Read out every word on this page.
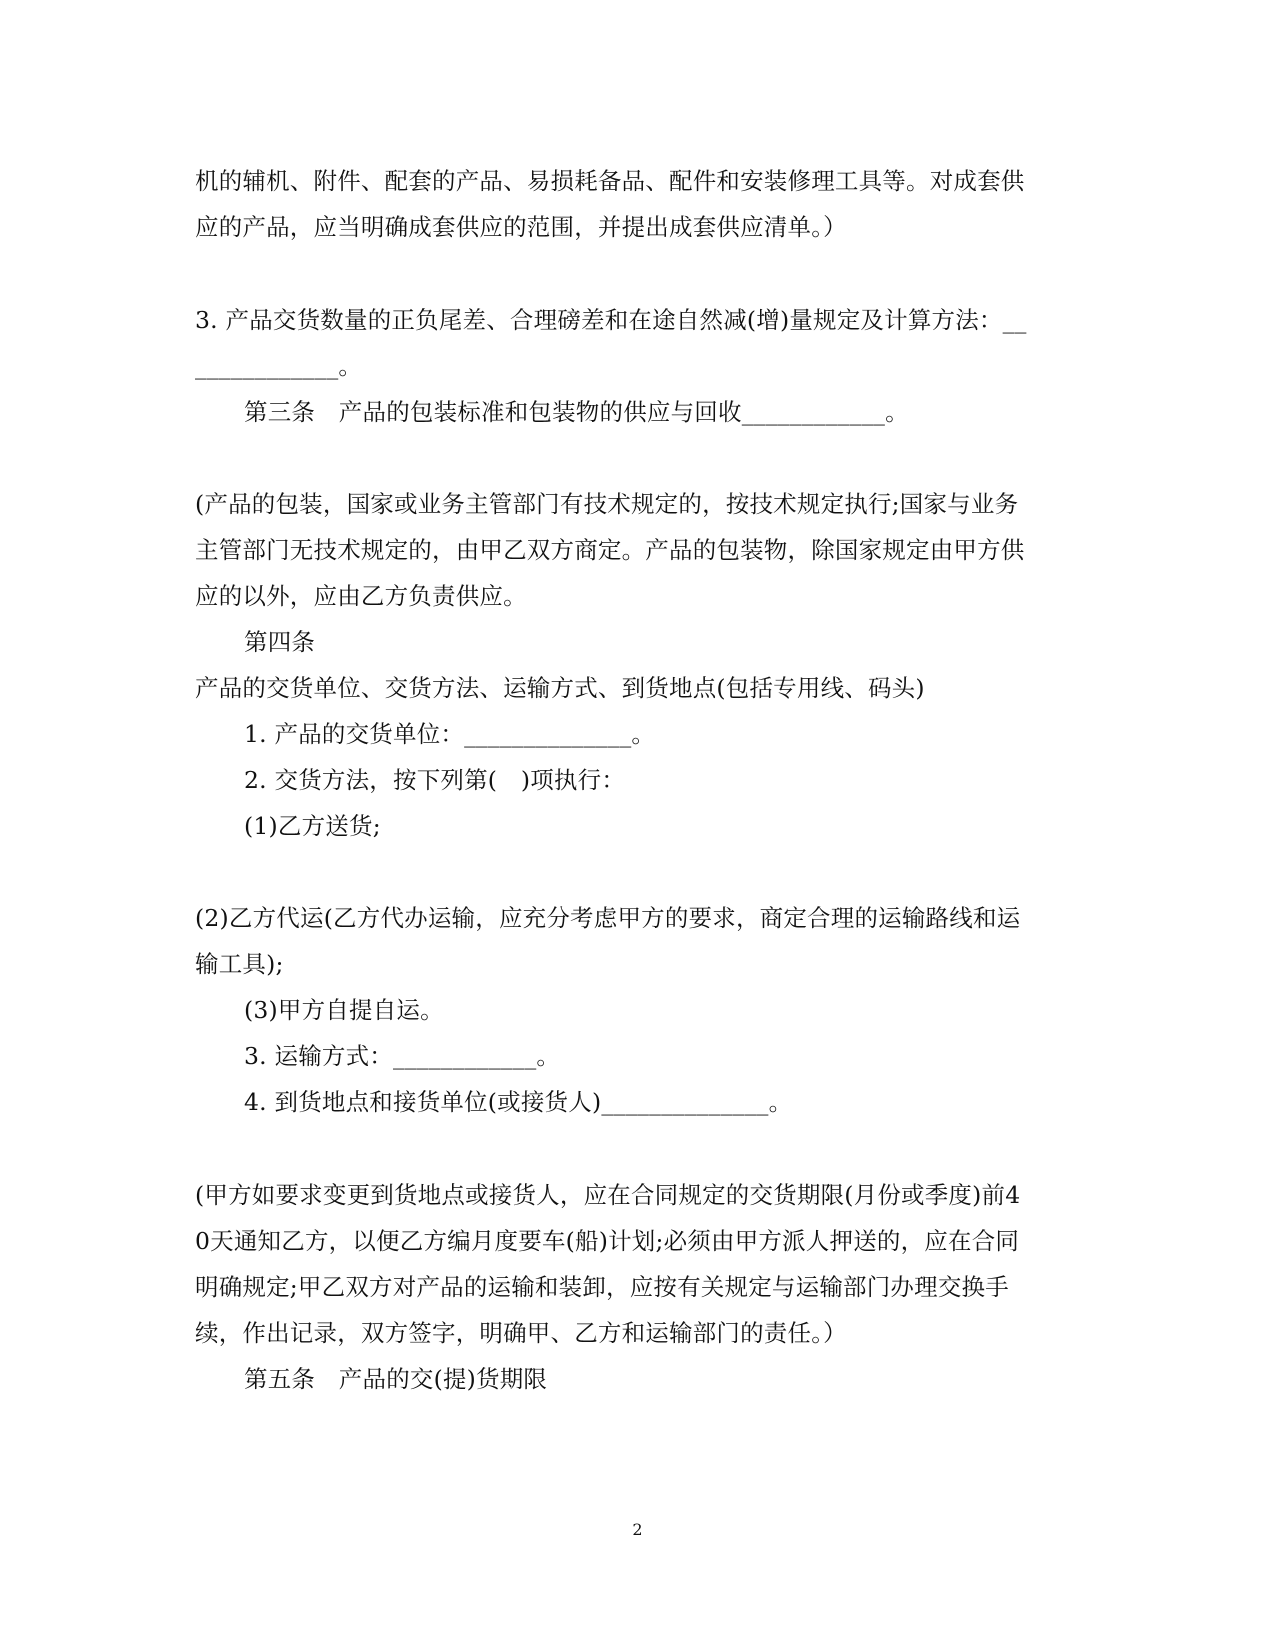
机的辅机、附件、配套的产品、易损耗备品、配件和安装修理工具等。对成套供
应的产品，应当明确成套供应的范围，并提出成套供应清单。）
3. 产品交货数量的正负尾差、合理磅差和在途自然减(增)量规定及计算方法：__
____________。
第三条　产品的包装标准和包装物的供应与回收____________。
(产品的包装，国家或业务主管部门有技术规定的，按技术规定执行;国家与业务
主管部门无技术规定的，由甲乙双方商定。产品的包装物，除国家规定由甲方供
应的以外，应由乙方负责供应。
第四条
产品的交货单位、交货方法、运输方式、到货地点(包括专用线、码头)
1. 产品的交货单位：______________。
2. 交货方法，按下列第(　)项执行：
(1)乙方送货;
(2)乙方代运(乙方代办运输，应充分考虑甲方的要求，商定合理的运输路线和运
输工具);
(3)甲方自提自运。
3. 运输方式：____________。
4. 到货地点和接货单位(或接货人)______________。
(甲方如要求变更到货地点或接货人，应在合同规定的交货期限(月份或季度)前4
0天通知乙方，以便乙方编月度要车(船)计划;必须由甲方派人押送的，应在合同
明确规定;甲乙双方对产品的运输和装卸，应按有关规定与运输部门办理交换手
续，作出记录，双方签字，明确甲、乙方和运输部门的责任。）
第五条　产品的交(提)货期限
2
